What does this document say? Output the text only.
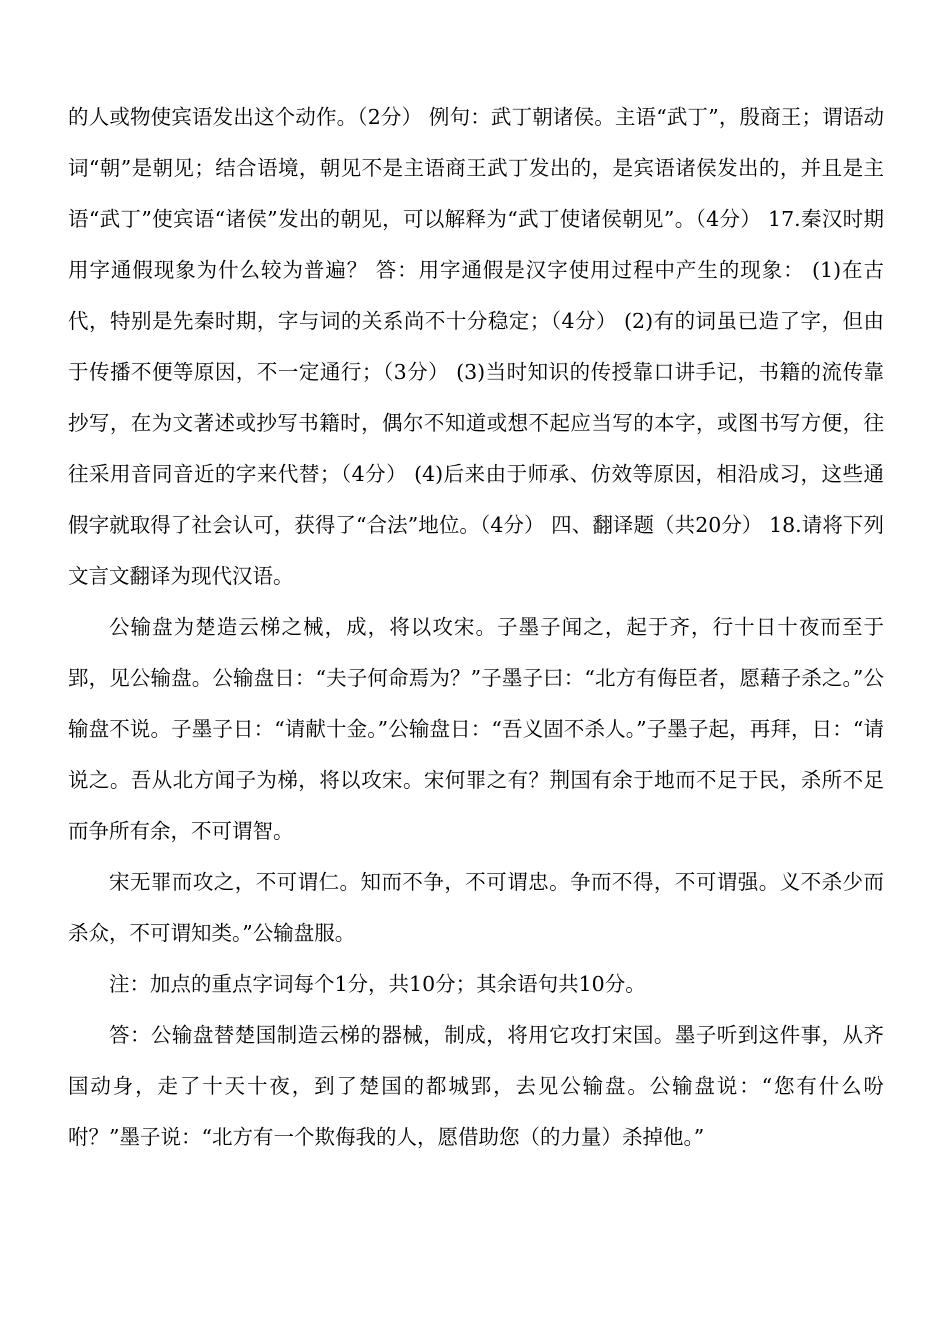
的人或物使宾语发出这个动作。（2分） 例句：武丁朝诸侯。主语“武丁”，殷商王；谓语动词“朝”是朝见；结合语境，朝见不是主语商王武丁发出的，是宾语诸侯发出的，并且是主语“武丁”使宾语“诸侯”发出的朝见，可以解释为“武丁使诸侯朝见”。（4分） 17.秦汉时期用字通假现象为什么较为普遍？ 答：用字通假是汉字使用过程中产生的现象： (1)在古代，特别是先秦时期，字与词的关系尚不十分稳定；（4分） (2)有的词虽已造了字，但由于传播不便等原因，不一定通行；（3分） (3)当时知识的传授靠口讲手记，书籍的流传靠抄写，在为文著述或抄写书籍时，偶尔不知道或想不起应当写的本字，或图书写方便，往往采用音同音近的字来代替；（4分） (4)后来由于师承、仿效等原因，相沿成习，这些通假字就取得了社会认可，获得了“合法”地位。（4分） 四、翻译题（共20分） 18.请将下列文言文翻译为现代汉语。

公输盘为楚造云梯之械，成，将以攻宋。子墨子闻之，起于齐，行十日十夜而至于郢，见公输盘。公输盘日：“夫子何命焉为？”子墨子曰：“北方有侮臣者，愿藉子杀之。”公输盘不说。子墨子日：“请献十金。”公输盘日：“吾义固不杀人。”子墨子起，再拜，日：“请说之。吾从北方闻子为梯，将以攻宋。宋何罪之有？荆国有余于地而不足于民，杀所不足而争所有余，不可谓智。

宋无罪而攻之，不可谓仁。知而不争，不可谓忠。争而不得，不可谓强。义不杀少而杀众，不可谓知类。”公输盘服。

注：加点的重点字词每个1分，共10分；其余语句共10分。

答：公输盘替楚国制造云梯的器械，制成，将用它攻打宋国。墨子听到这件事，从齐国动身，走了十天十夜，到了楚国的都城郢，去见公输盘。公输盘说：“您有什么吩咐？”墨子说：“北方有一个欺侮我的人，愿借助您（的力量）杀掉他。”
